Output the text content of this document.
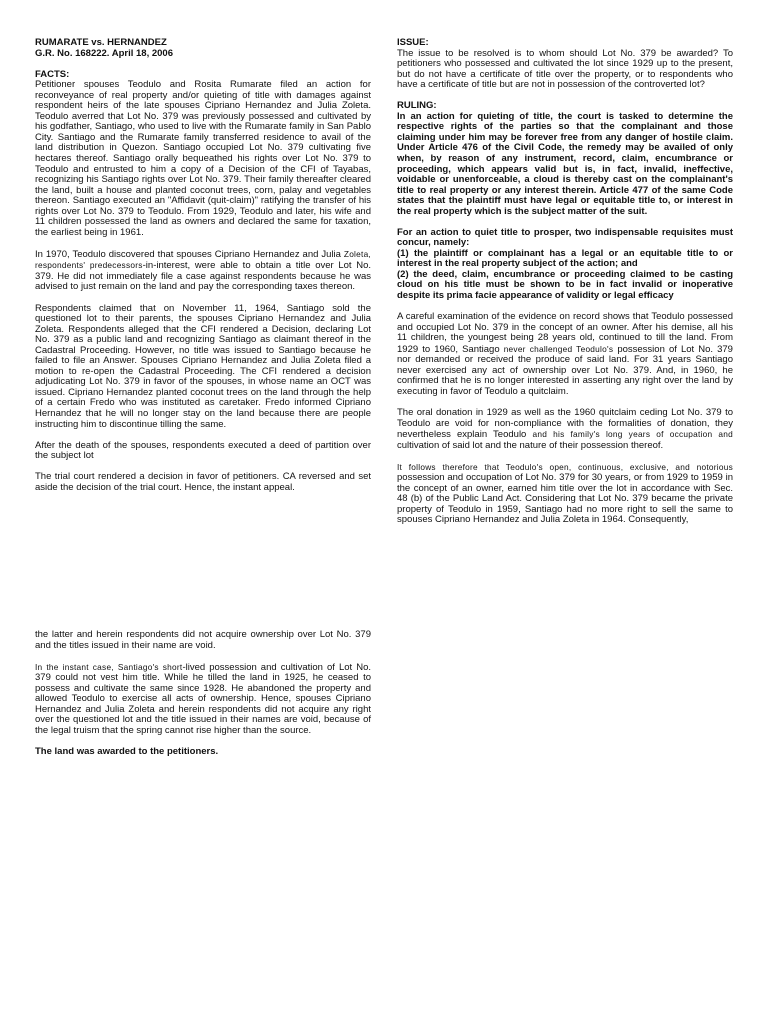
RUMARATE vs. HERNANDEZ
G.R. No. 168222. April 18, 2006
FACTS:

Petitioner spouses Teodulo and Rosita Rumarate filed an action for reconveyance of real property and/or quieting of title with damages against respondent heirs of the late spouses Cipriano Hernandez and Julia Zoleta. Teodulo averred that Lot No. 379 was previously possessed and cultivated by his godfather, Santiago, who used to live with the Rumarate family in San Pablo City. Santiago and the Rumarate family transferred residence to avail of the land distribution in Quezon. Santiago occupied Lot No. 379 cultivating five hectares thereof. Santiago orally bequeathed his rights over Lot No. 379 to Teodulo and entrusted to him a copy of a Decision of the CFI of Tayabas, recognizing his Santiago rights over Lot No. 379. Their family thereafter cleared the land, built a house and planted coconut trees, corn, palay and vegetables thereon. Santiago executed an "Affidavit (quit-claim)" ratifying the transfer of his rights over Lot No. 379 to Teodulo. From 1929, Teodulo and later, his wife and 11 children possessed the land as owners and declared the same for taxation, the earliest being in 1961.

In 1970, Teodulo discovered that spouses Cipriano Hernandez and Julia Zoleta, respondents' predecessors-in-interest, were able to obtain a title over Lot No. 379. He did not immediately file a case against respondents because he was advised to just remain on the land and pay the corresponding taxes thereon.

Respondents claimed that on November 11, 1964, Santiago sold the questioned lot to their parents, the spouses Cipriano Hernandez and Julia Zoleta. Respondents alleged that the CFI rendered a Decision, declaring Lot No. 379 as a public land and recognizing Santiago as claimant thereof in the Cadastral Proceeding. However, no title was issued to Santiago because he failed to file an Answer. Spouses Cipriano Hernandez and Julia Zoleta filed a motion to re-open the Cadastral Proceeding. The CFI rendered a decision adjudicating Lot No. 379 in favor of the spouses, in whose name an OCT was issued. Cipriano Hernandez planted coconut trees on the land through the help of a certain Fredo who was instituted as caretaker. Fredo informed Cipriano Hernandez that he will no longer stay on the land because there are people instructing him to discontinue tilling the same.

After the death of the spouses, respondents executed a deed of partition over the subject lot

The trial court rendered a decision in favor of petitioners. CA reversed and set aside the decision of the trial court. Hence, the instant appeal.

ISSUE:

The issue to be resolved is to whom should Lot No. 379 be awarded? To petitioners who possessed and cultivated the lot since 1929 up to the present, but do not have a certificate of title over the property, or to respondents who have a certificate of title but are not in possession of the controverted lot?

RULING:

In an action for quieting of title, the court is tasked to determine the respective rights of the parties so that the complainant and those claiming under him may be forever free from any danger of hostile claim. Under Article 476 of the Civil Code, the remedy may be availed of only when, by reason of any instrument, record, claim, encumbrance or proceeding, which appears valid but is, in fact, invalid, ineffective, voidable or unenforceable, a cloud is thereby cast on the complainant's title to real property or any interest therein. Article 477 of the same Code states that the plaintiff must have legal or equitable title to, or interest in the real property which is the subject matter of the suit.

For an action to quiet title to prosper, two indispensable requisites must concur, namely:
(1) the plaintiff or complainant has a legal or an equitable title to or interest in the real property subject of the action; and
(2) the deed, claim, encumbrance or proceeding claimed to be casting cloud on his title must be shown to be in fact invalid or inoperative despite its prima facie appearance of validity or legal efficacy

A careful examination of the evidence on record shows that Teodulo possessed and occupied Lot No. 379 in the concept of an owner. After his demise, all his 11 children, the youngest being 28 years old, continued to till the land. From 1929 to 1960, Santiago never challenged Teodulo's possession of Lot No. 379 nor demanded or received the produce of said land. For 31 years Santiago never exercised any act of ownership over Lot No. 379. And, in 1960, he confirmed that he is no longer interested in asserting any right over the land by executing in favor of Teodulo a quitclaim.

The oral donation in 1929 as well as the 1960 quitclaim ceding Lot No. 379 to Teodulo are void for non-compliance with the formalities of donation, they nevertheless explain Teodulo and his family's long years of occupation and cultivation of said lot and the nature of their possession thereof.

It follows therefore that Teodulo's open, continuous, exclusive, and notorious possession and occupation of Lot No. 379 for 30 years, or from 1929 to 1959 in the concept of an owner, earned him title over the lot in accordance with Sec. 48 (b) of the Public Land Act. Considering that Lot No. 379 became the private property of Teodulo in 1959, Santiago had no more right to sell the same to spouses Cipriano Hernandez and Julia Zoleta in 1964. Consequently,

the latter and herein respondents did not acquire ownership over Lot No. 379 and the titles issued in their name are void.

In the instant case, Santiago's short-lived possession and cultivation of Lot No. 379 could not vest him title. While he tilled the land in 1925, he ceased to possess and cultivate the same since 1928. He abandoned the property and allowed Teodulo to exercise all acts of ownership. Hence, spouses Cipriano Hernandez and Julia Zoleta and herein respondents did not acquire any right over the questioned lot and the title issued in their names are void, because of the legal truism that the spring cannot rise higher than the source.

The land was awarded to the petitioners.
